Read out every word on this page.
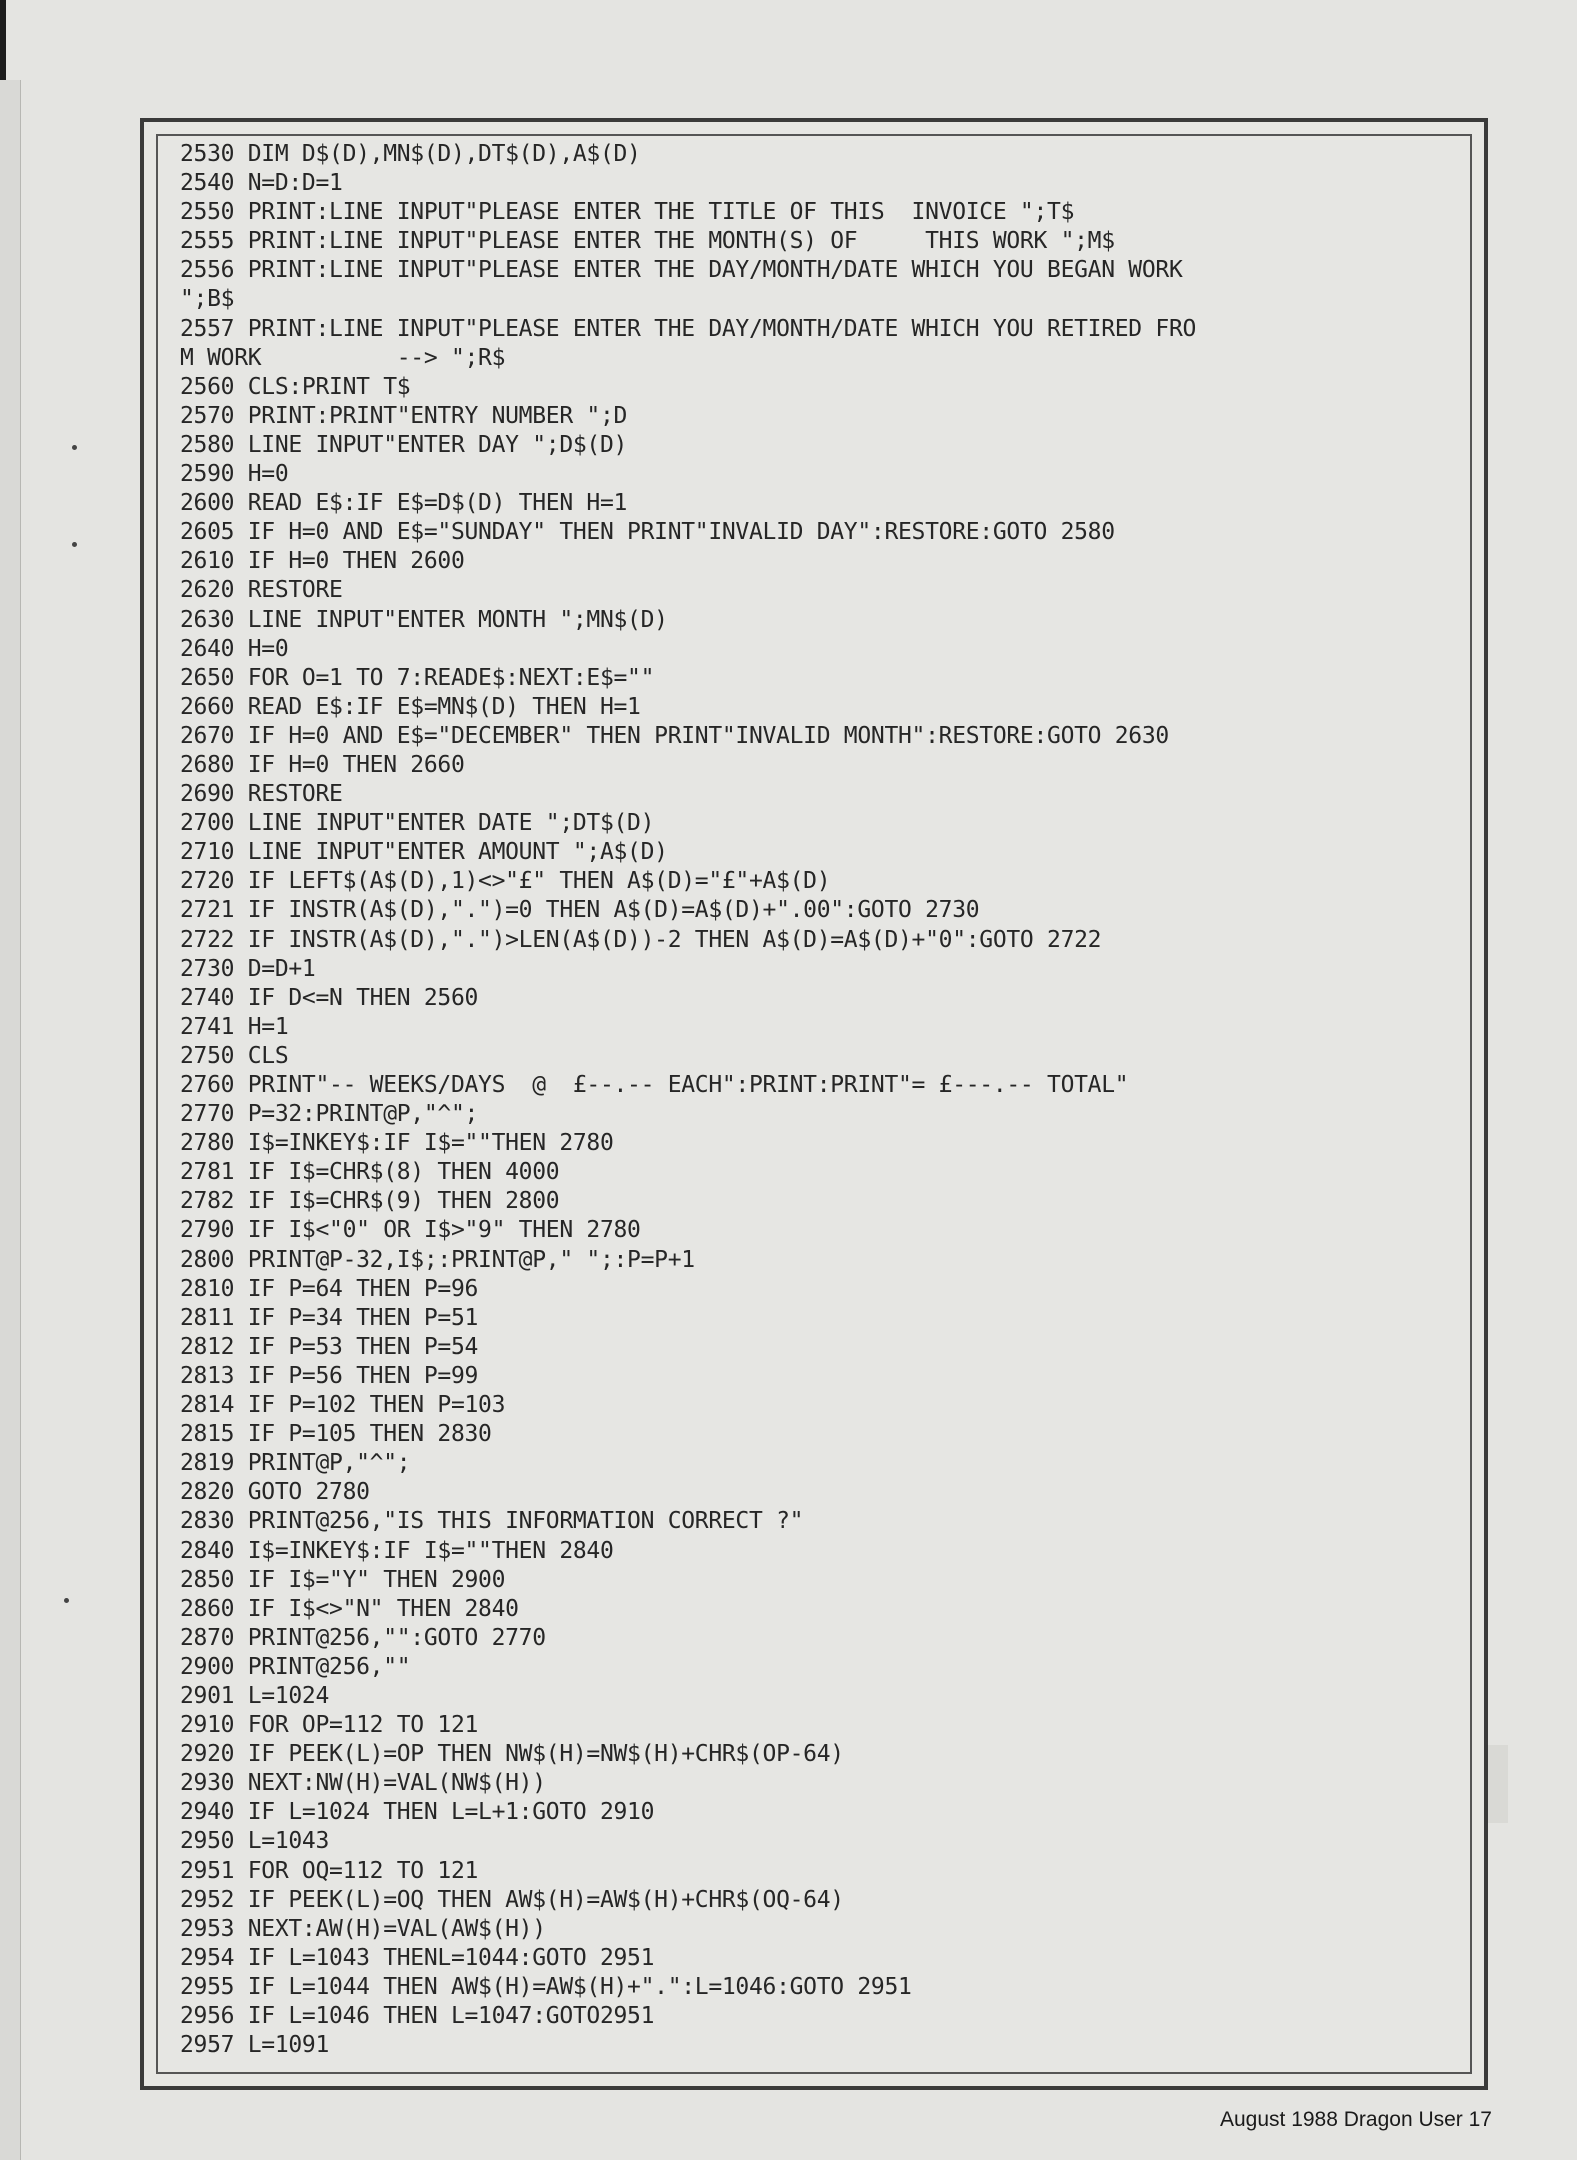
2530 DIM D$(D),MN$(D),DT$(D),A$(D)
2540 N=D:D=1
2550 PRINT:LINE INPUT"PLEASE ENTER THE TITLE OF THIS  INVOICE ";T$
2555 PRINT:LINE INPUT"PLEASE ENTER THE MONTH(S) OF     THIS WORK ";M$
2556 PRINT:LINE INPUT"PLEASE ENTER THE DAY/MONTH/DATE WHICH YOU BEGAN WORK
";B$
2557 PRINT:LINE INPUT"PLEASE ENTER THE DAY/MONTH/DATE WHICH YOU RETIRED FRO
M WORK          --> ";R$
2560 CLS:PRINT T$
2570 PRINT:PRINT"ENTRY NUMBER ";D
2580 LINE INPUT"ENTER DAY ";D$(D)
2590 H=0
2600 READ E$:IF E$=D$(D) THEN H=1
2605 IF H=0 AND E$="SUNDAY" THEN PRINT"INVALID DAY":RESTORE:GOTO 2580
2610 IF H=0 THEN 2600
2620 RESTORE
2630 LINE INPUT"ENTER MONTH ";MN$(D)
2640 H=0
2650 FOR O=1 TO 7:READE$:NEXT:E$=""
2660 READ E$:IF E$=MN$(D) THEN H=1
2670 IF H=0 AND E$="DECEMBER" THEN PRINT"INVALID MONTH":RESTORE:GOTO 2630
2680 IF H=0 THEN 2660
2690 RESTORE
2700 LINE INPUT"ENTER DATE ";DT$(D)
2710 LINE INPUT"ENTER AMOUNT ";A$(D)
2720 IF LEFT$(A$(D),1)<>"£" THEN A$(D)="£"+A$(D)
2721 IF INSTR(A$(D),".")=0 THEN A$(D)=A$(D)+".00":GOTO 2730
2722 IF INSTR(A$(D),".")>LEN(A$(D))-2 THEN A$(D)=A$(D)+"0":GOTO 2722
2730 D=D+1
2740 IF D<=N THEN 2560
2741 H=1
2750 CLS
2760 PRINT"-- WEEKS/DAYS  @  £--.-- EACH":PRINT:PRINT"= £---.-- TOTAL"
2770 P=32:PRINT@P,"^";
2780 I$=INKEY$:IF I$=""THEN 2780
2781 IF I$=CHR$(8) THEN 4000
2782 IF I$=CHR$(9) THEN 2800
2790 IF I$<"0" OR I$>"9" THEN 2780
2800 PRINT@P-32,I$;:PRINT@P," ";:P=P+1
2810 IF P=64 THEN P=96
2811 IF P=34 THEN P=51
2812 IF P=53 THEN P=54
2813 IF P=56 THEN P=99
2814 IF P=102 THEN P=103
2815 IF P=105 THEN 2830
2819 PRINT@P,"^";
2820 GOTO 2780
2830 PRINT@256,"IS THIS INFORMATION CORRECT ?"
2840 I$=INKEY$:IF I$=""THEN 2840
2850 IF I$="Y" THEN 2900
2860 IF I$<>"N" THEN 2840
2870 PRINT@256,"":GOTO 2770
2900 PRINT@256,""
2901 L=1024
2910 FOR OP=112 TO 121
2920 IF PEEK(L)=OP THEN NW$(H)=NW$(H)+CHR$(OP-64)
2930 NEXT:NW(H)=VAL(NW$(H))
2940 IF L=1024 THEN L=L+1:GOTO 2910
2950 L=1043
2951 FOR OQ=112 TO 121
2952 IF PEEK(L)=OQ THEN AW$(H)=AW$(H)+CHR$(OQ-64)
2953 NEXT:AW(H)=VAL(AW$(H))
2954 IF L=1043 THENL=1044:GOTO 2951
2955 IF L=1044 THEN AW$(H)=AW$(H)+".":L=1046:GOTO 2951
2956 IF L=1046 THEN L=1047:GOTO2951
2957 L=1091
August 1988 Dragon User 17
